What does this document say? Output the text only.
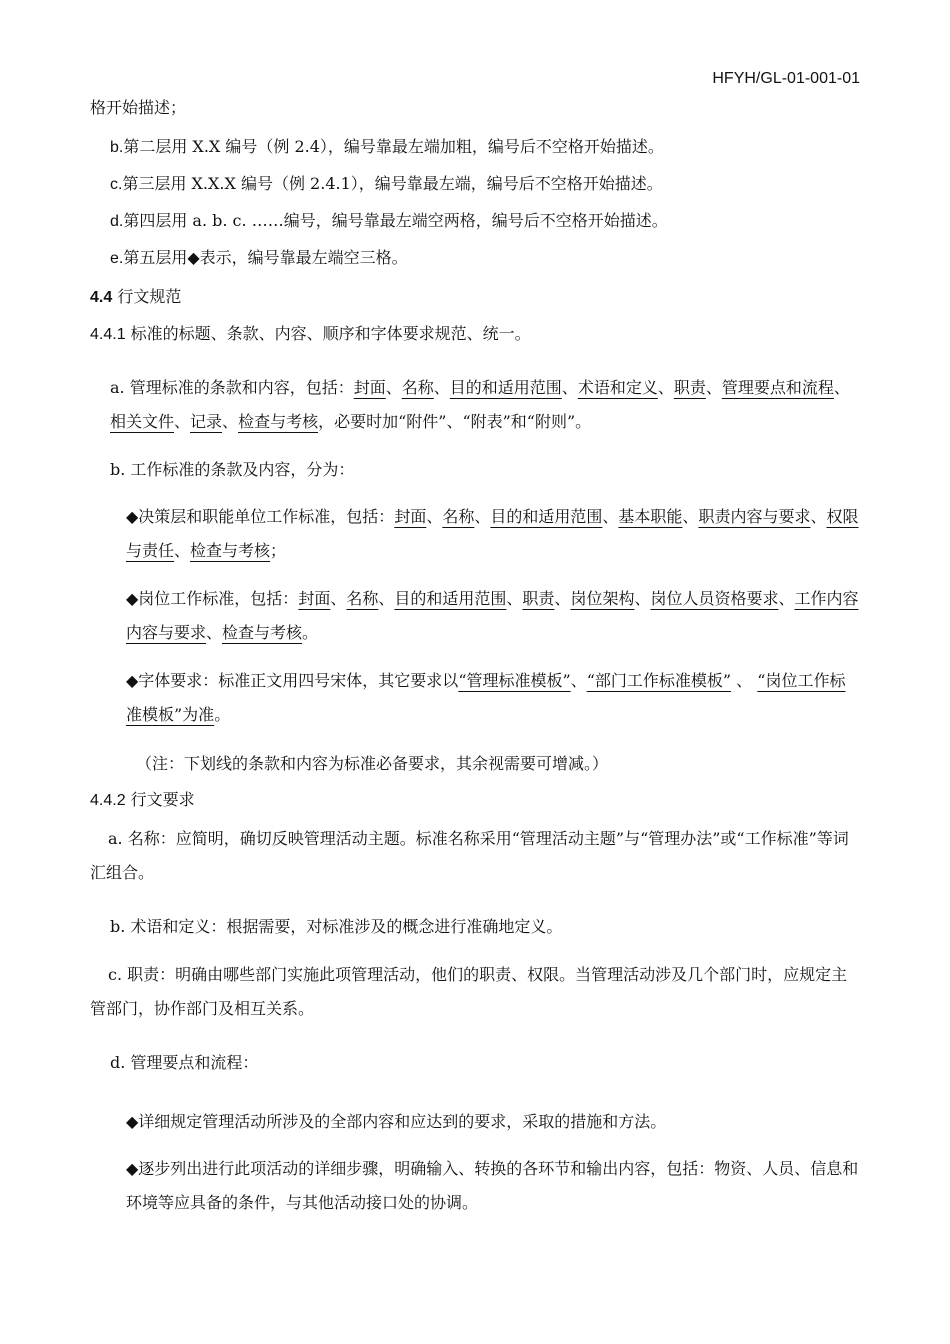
HFYH/GL-01-001-01
格开始描述；
b.第二层用 X.X 编号（例 2.4），编号靠最左端加粗，编号后不空格开始描述。
c.第三层用 X.X.X 编号（例 2.4.1），编号靠最左端，编号后不空格开始描述。
d.第四层用 a. b. c. ……编号，编号靠最左端空两格，编号后不空格开始描述。
e.第五层用◆表示，编号靠最左端空三格。
4.4 行文规范
4.4.1 标准的标题、条款、内容、顺序和字体要求规范、统一。
a. 管理标准的条款和内容，包括：封面、名称、目的和适用范围、术语和定义、职责、管理要点和流程、相关文件、记录、检查与考核，必要时加“附件”、“附表”和“附则”。
b. 工作标准的条款及内容，分为：
◆决策层和职能单位工作标准，包括：封面、名称、目的和适用范围、基本职能、职责内容与要求、权限与责任、检查与考核；
◆岗位工作标准，包括：封面、名称、目的和适用范围、职责、岗位架构、岗位人员资格要求、工作内容内容与要求、检查与考核。
◆字体要求：标准正文用四号宋体，其它要求以“管理标准模板”、“部门工作标准模板” 、 “岗位工作标准模板”为准。
（注：下划线的条款和内容为标准必备要求，其余视需要可增减。）
4.4.2 行文要求
a. 名称：应简明，确切反映管理活动主题。标准名称采用“管理活动主题”与“管理办法”或“工作标准”等词汇组合。
b. 术语和定义：根据需要，对标准涉及的概念进行准确地定义。
c. 职责：明确由哪些部门实施此项管理活动，他们的职责、权限。当管理活动涉及几个部门时，应规定主管部门，协作部门及相互关系。
d. 管理要点和流程：
◆详细规定管理活动所涉及的全部内容和应达到的要求，采取的措施和方法。
◆逐步列出进行此项活动的详细步骤，明确输入、转换的各环节和输出内容，包括：物资、人员、信息和环境等应具备的条件，与其他活动接口处的协调。
